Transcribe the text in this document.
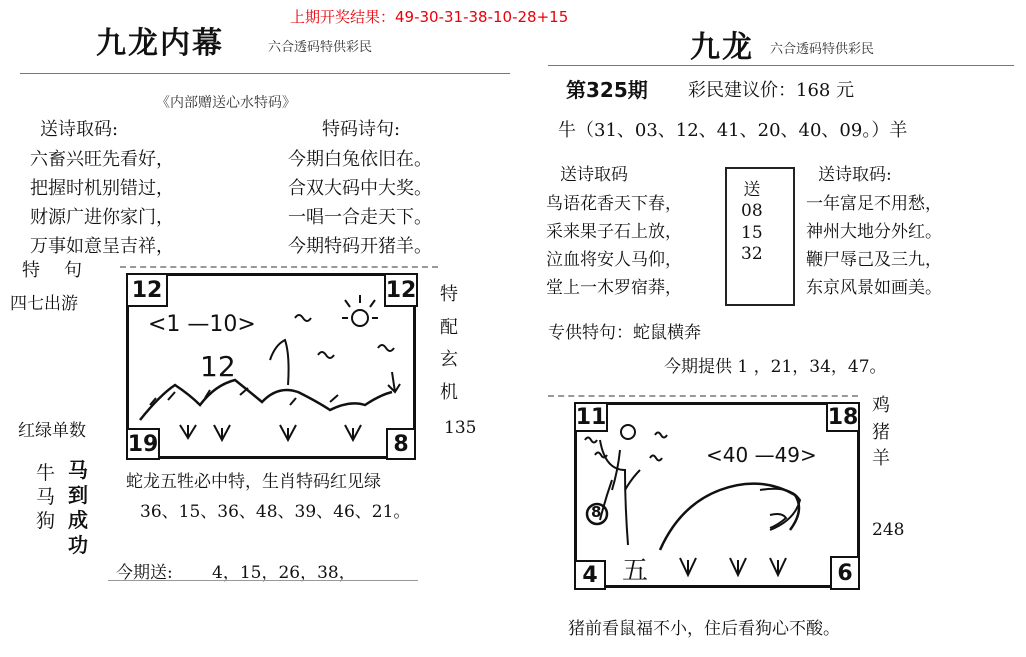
上期开奖结果：49-30-31-38-10-28+15
九龙内幕	六合透码特供彩民
《内部赠送心水特码》
送诗取码:
六畜兴旺先看好，
把握时机别错过，
财源广进你家门，
万事如意呈吉祥，
特码诗句:
今期白兔依旧在。
合双大码中大奖。
一唱一合走天下。
今期特码开猪羊。
特 句
四七出游
红绿单数
特
配
玄
机
135
12	12
19	8
<1 —10>
12
牛
马
狗
马
到
成
功
蛇龙五牲必中特，生肖特码红见绿
36、15、36、48、39、46、21。
今期送: 4，15，26，38，
九龙 六合透码特供彩民
第325期 彩民建议价：168 元
牛（31、03、12、41、20、40、09。）羊
送诗取码
鸟语花香天下春，
采来果子石上放，
泣血将安人马仰，
堂上一木罗宿莽，
送
08
15
32
送诗取码:
一年富足不用愁，
神州大地分外红。
鞭尸辱己及三九，
东京风景如画美。
专供特句：蛇鼠横奔
今期提供 1 ，21，34，47。
11	18
4	6
<40 —49>
8
五
鸡
猪
羊
248
猪前看鼠福不小，住后看狗心不酸。
